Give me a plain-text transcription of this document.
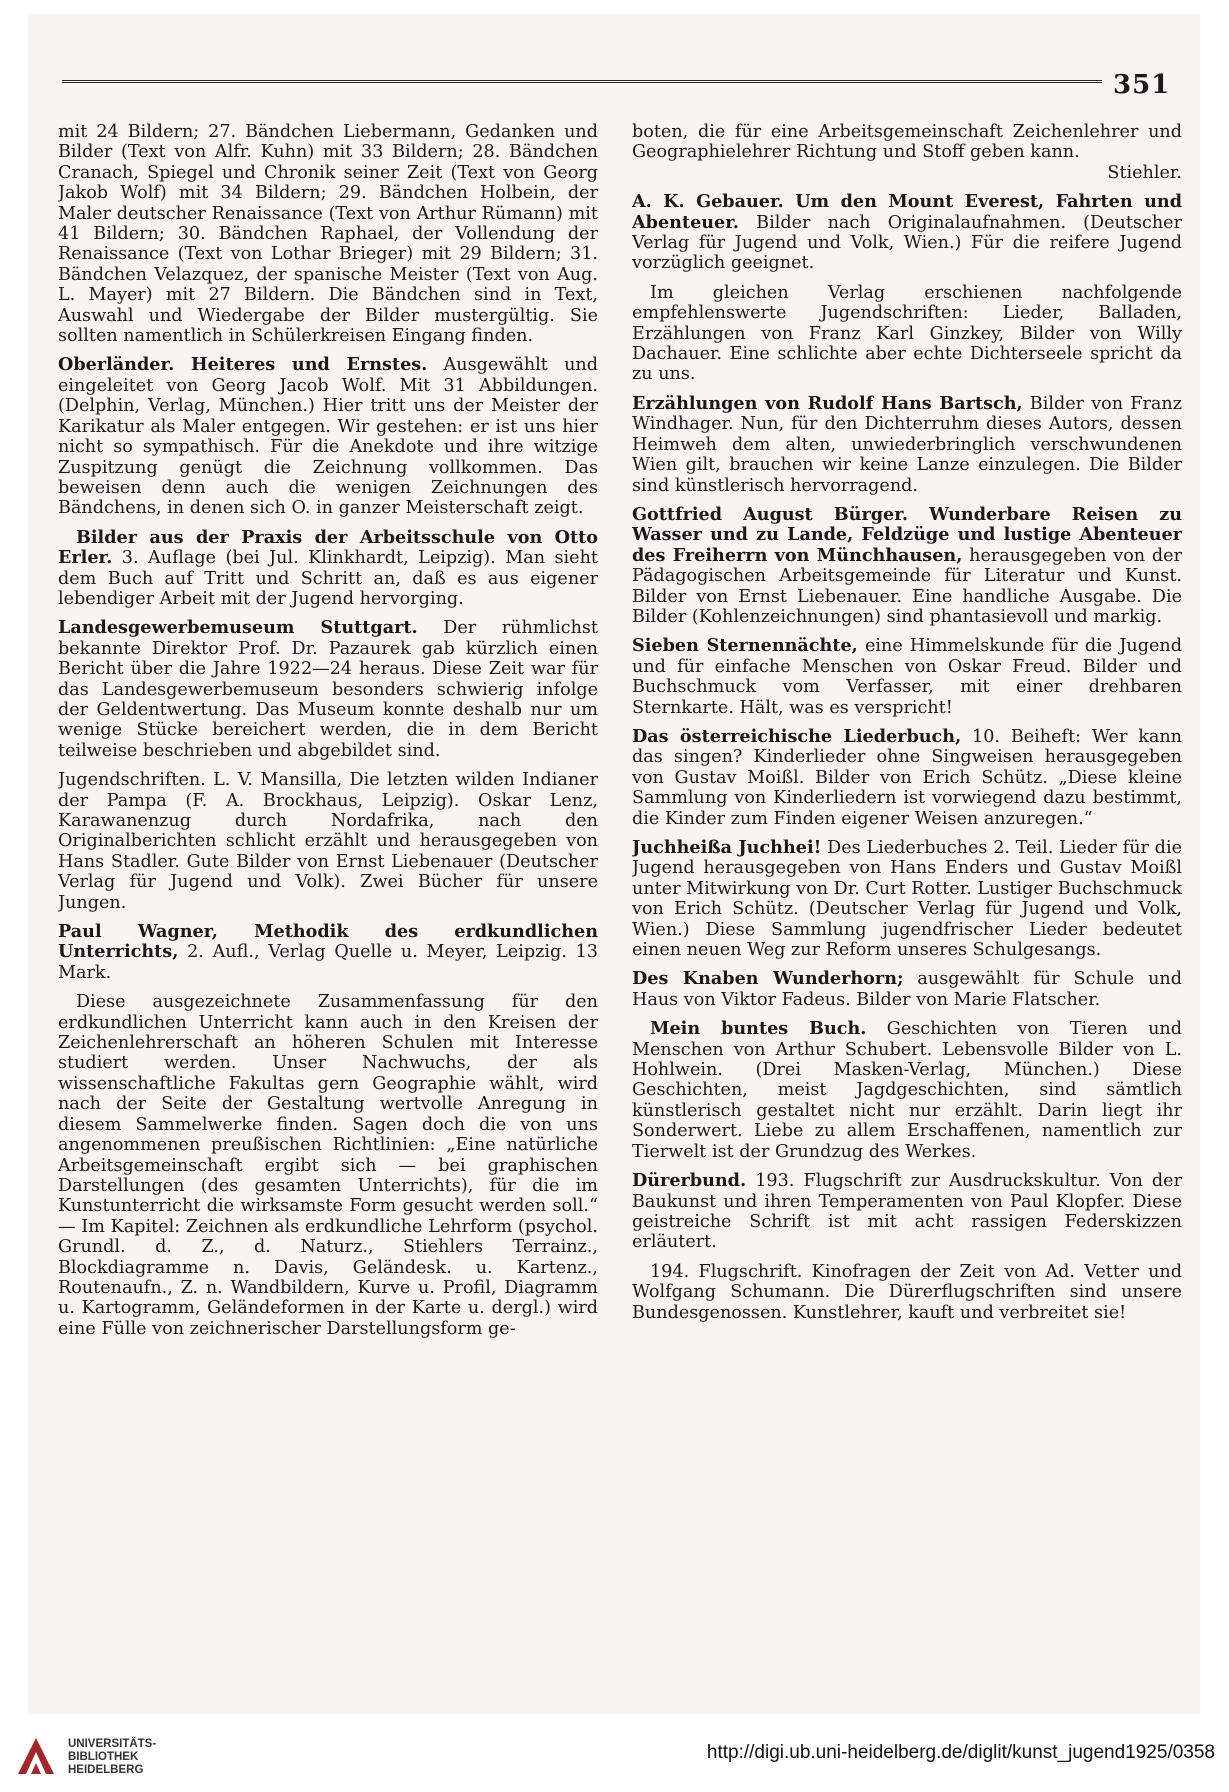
351

mit 24 Bildern; 27. Bändchen Liebermann, Gedanken und Bilder (Text von Alfr. Kuhn) mit 33 Bildern; 28. Bändchen Cranach, Spiegel und Chronik seiner Zeit (Text von Georg Jakob Wolf) mit 34 Bildern; 29. Bändchen Holbein, der Maler deutscher Renaissance (Text von Arthur Rümann) mit 41 Bildern; 30. Bändchen Raphael, der Vollendung der Renaissance (Text von Lothar Brieger) mit 29 Bildern; 31. Bändchen Velazquez, der spanische Meister (Text von Aug. L. Mayer) mit 27 Bildern. Die Bändchen sind in Text, Auswahl und Wiedergabe der Bilder mustergültig. Sie sollten namentlich in Schülerkreisen Eingang finden.

Oberländer. Heiteres und Ernstes. Ausgewählt und eingeleitet von Georg Jacob Wolf. Mit 31 Abbildungen. (Delphin, Verlag, München.) Hier tritt uns der Meister der Karikatur als Maler entgegen. Wir gestehen: er ist uns hier nicht so sympathisch. Für die Anekdote und ihre witzige Zuspitzung genügt die Zeichnung vollkommen. Das beweisen denn auch die wenigen Zeichnungen des Bändchens, in denen sich O. in ganzer Meisterschaft zeigt.

Bilder aus der Praxis der Arbeitsschule von Otto Erler. 3. Auflage (bei Jul. Klinkhardt, Leipzig). Man sieht dem Buch auf Tritt und Schritt an, daß es aus eigener lebendiger Arbeit mit der Jugend hervorging.

Landesgewerbemuseum Stuttgart. Der rühmlichst bekannte Direktor Prof. Dr. Pazaurek gab kürzlich einen Bericht über die Jahre 1922—24 heraus. Diese Zeit war für das Landesgewerbemuseum besonders schwierig infolge der Geldentwertung. Das Museum konnte deshalb nur um wenige Stücke bereichert werden, die in dem Bericht teilweise beschrieben und abgebildet sind.

Jugendschriften. L. V. Mansilla, Die letzten wilden Indianer der Pampa (F. A. Brockhaus, Leipzig). Oskar Lenz, Karawanenzug durch Nordafrika, nach den Originalberichten schlicht erzählt und herausgegeben von Hans Stadler. Gute Bilder von Ernst Liebenauer (Deutscher Verlag für Jugend und Volk). Zwei Bücher für unsere Jungen.

Paul Wagner, Methodik des erdkundlichen Unterrichts, 2. Aufl., Verlag Quelle u. Meyer, Leipzig. 13 Mark.

Diese ausgezeichnete Zusammenfassung für den erdkundlichen Unterricht kann auch in den Kreisen der Zeichenlehrerschaft an höheren Schulen mit Interesse studiert werden. Unser Nachwuchs, der als wissenschaftliche Fakultas gern Geographie wählt, wird nach der Seite der Gestaltung wertvolle Anregung in diesem Sammelwerke finden. Sagen doch die von uns angenommenen preußischen Richtlinien: „Eine natürliche Arbeitsgemeinschaft ergibt sich — bei graphischen Darstellungen (des gesamten Unterrichts), für die im Kunstunterricht die wirksamste Form gesucht werden soll.“ — Im Kapitel: Zeichnen als erdkundliche Lehrform (psychol. Grundl. d. Z., d. Naturz., Stiehlers Terrainz., Blockdiagramme n. Davis, Geländesk. u. Kartenz., Routenaufn., Z. n. Wandbildern, Kurve u. Profil, Diagramm u. Kartogramm, Geländeformen in der Karte u. dergl.) wird eine Fülle von zeichnerischer Darstellungsform ge-

boten, die für eine Arbeitsgemeinschaft Zeichenlehrer und Geographielehrer Richtung und Stoff geben kann.

Stiehler.

A. K. Gebauer. Um den Mount Everest, Fahrten und Abenteuer. Bilder nach Originalaufnahmen. (Deutscher Verlag für Jugend und Volk, Wien.) Für die reifere Jugend vorzüglich geeignet.

Im gleichen Verlag erschienen nachfolgende empfehlenswerte Jugendschriften: Lieder, Balladen, Erzählungen von Franz Karl Ginzkey, Bilder von Willy Dachauer. Eine schlichte aber echte Dichterseele spricht da zu uns.

Erzählungen von Rudolf Hans Bartsch, Bilder von Franz Windhager. Nun, für den Dichterruhm dieses Autors, dessen Heimweh dem alten, unwiederbringlich verschwundenen Wien gilt, brauchen wir keine Lanze einzulegen. Die Bilder sind künstlerisch hervorragend.

Gottfried August Bürger. Wunderbare Reisen zu Wasser und zu Lande, Feldzüge und lustige Abenteuer des Freiherrn von Münchhausen, herausgegeben von der Pädagogischen Arbeitsgemeinde für Literatur und Kunst. Bilder von Ernst Liebenauer. Eine handliche Ausgabe. Die Bilder (Kohlenzeichnungen) sind phantasievoll und markig.

Sieben Sternennächte, eine Himmelskunde für die Jugend und für einfache Menschen von Oskar Freud. Bilder und Buchschmuck vom Verfasser, mit einer drehbaren Sternkarte. Hält, was es verspricht!

Das österreichische Liederbuch, 10. Beiheft: Wer kann das singen? Kinderlieder ohne Singweisen herausgegeben von Gustav Moißl. Bilder von Erich Schütz. „Diese kleine Sammlung von Kinderliedern ist vorwiegend dazu bestimmt, die Kinder zum Finden eigener Weisen anzuregen.“

Juchheißa Juchhei! Des Liederbuches 2. Teil. Lieder für die Jugend herausgegeben von Hans Enders und Gustav Moißl unter Mitwirkung von Dr. Curt Rotter. Lustiger Buchschmuck von Erich Schütz. (Deutscher Verlag für Jugend und Volk, Wien.) Diese Sammlung jugendfrischer Lieder bedeutet einen neuen Weg zur Reform unseres Schulgesangs.

Des Knaben Wunderhorn; ausgewählt für Schule und Haus von Viktor Fadeus. Bilder von Marie Flatscher.

Mein buntes Buch. Geschichten von Tieren und Menschen von Arthur Schubert. Lebensvolle Bilder von L. Hohlwein. (Drei Masken-Verlag, München.) Diese Geschichten, meist Jagdgeschichten, sind sämtlich künstlerisch gestaltet nicht nur erzählt. Darin liegt ihr Sonderwert. Liebe zu allem Erschaffenen, namentlich zur Tierwelt ist der Grundzug des Werkes.

Dürerbund. 193. Flugschrift zur Ausdruckskultur. Von der Baukunst und ihren Temperamenten von Paul Klopfer. Diese geistreiche Schrift ist mit acht rassigen Federskizzen erläutert.

194. Flugschrift. Kinofragen der Zeit von Ad. Vetter und Wolfgang Schumann. Die Dürerflugschriften sind unsere Bundesgenossen. Kunstlehrer, kauft und verbreitet sie!

UNIVERSITÄTS-
BIBLIOTHEK
HEIDELBERG
http://digi.ub.uni-heidelberg.de/diglit/kunst_jugend1925/0358
